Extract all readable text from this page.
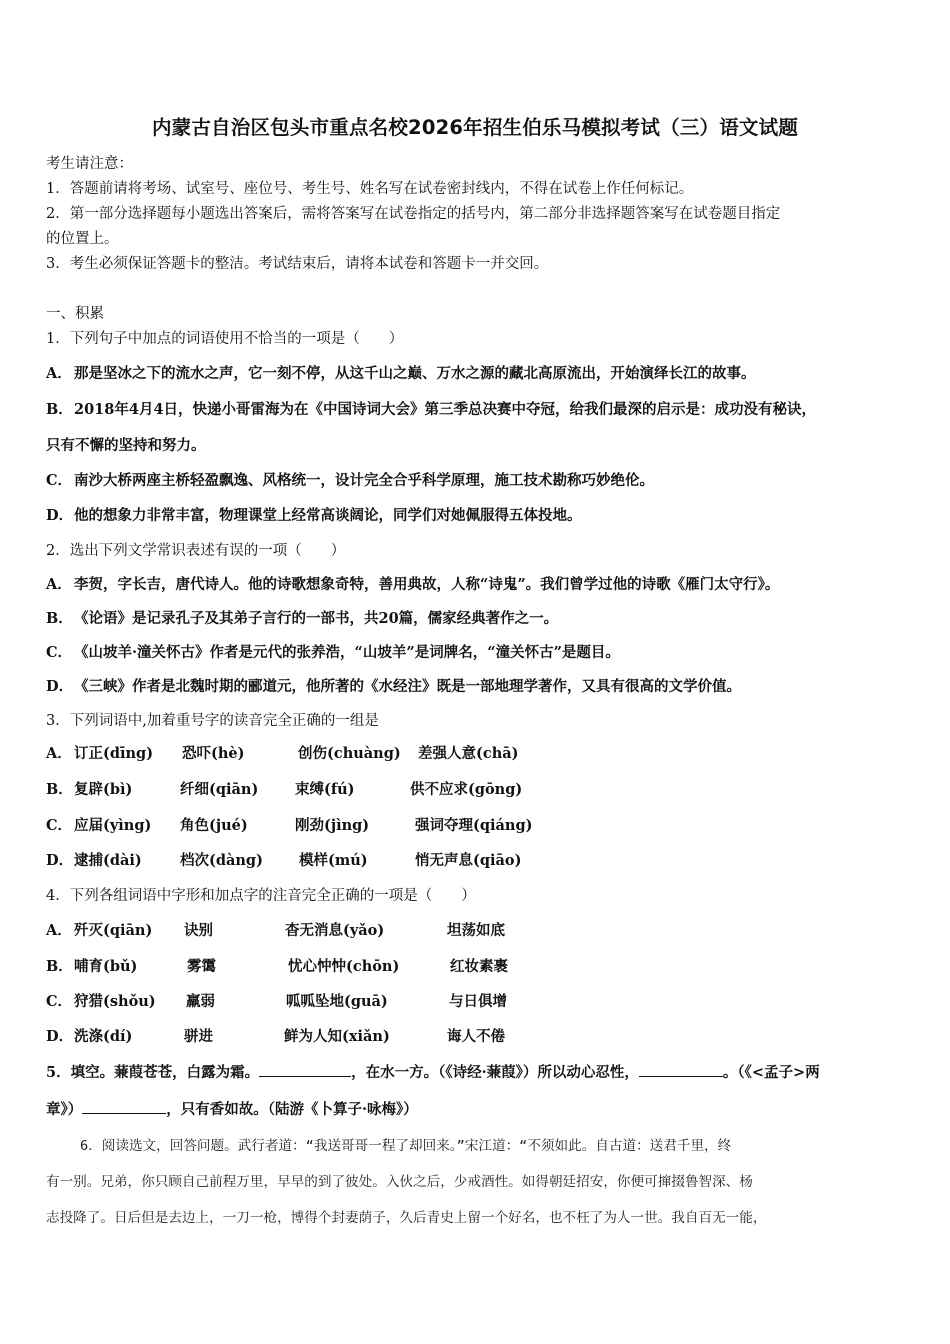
内蒙古自治区包头市重点名校2026年招生伯乐马模拟考试（三）语文试题
考生请注意：
1．答题前请将考场、试室号、座位号、考生号、姓名写在试卷密封线内，不得在试卷上作任何标记。
2．第一部分选择题每小题选出答案后，需将答案写在试卷指定的括号内，第二部分非选择题答案写在试卷题目指定
的位置上。
3．考生必须保证答题卡的整洁。考试结束后，请将本试卷和答题卡一并交回。
一、积累
1．下列句子中加点的词语使用不恰当的一项是（　　）
A． 那是坚冰之下的流水之声，它一刻不停，从这千山之巅、万水之源的藏北高原流出，开始演绎长江的故事。
B．2018年4月4日，快递小哥雷海为在《中国诗词大会》第三季总决赛中夺冠，给我们最深的启示是：成功没有秘诀，
只有不懈的坚持和努力。
C． 南沙大桥两座主桥轻盈飘逸、风格统一，设计完全合乎科学原理，施工技术勘称巧妙绝伦。
D．他的想象力非常丰富，物理课堂上经常高谈阔论，同学们对她佩服得五体投地。
2．选出下列文学常识表述有误的一项（　　）
A． 李贺，字长吉，唐代诗人。他的诗歌想象奇特，善用典故，人称“诗鬼”。我们曾学过他的诗歌《雁门太守行》。
B．《论语》是记录孔子及其弟子言行的一部书，共20篇，儒家经典著作之一。
C． 《山坡羊·潼关怀古》作者是元代的张养浩，“山坡羊”是词牌名，“潼关怀古”是题目。
D．《三峡》作者是北魏时期的郦道元，他所著的《水经注》既是一部地理学著作，又具有很高的文学价值。
3．下列词语中,加着重号字的读音完全正确的一组是
A． 订正(dīng) 恐吓(hè)	创伤(chuàng) 差强人意(chā)
B． 复辟(bì)	纤细(qiān)	束缚(fú)	供不应求(gōng)
C． 应届(yìng) 角色(jué)	刚劲(jìng)	强词夺理(qiáng)
D． 逮捕(dài)	档次(dàng) 模样(mú)	悄无声息(qiāo)
4．下列各组词语中字形和加点字的注音完全正确的一项是（　　）
A． 歼灭(qiān) 诀别	杳无消息(yǎo)	坦荡如底
B． 哺育(bǔ)	雾霭	忧心忡忡(chōn)	红妆素裹
C． 狩猎(shǒu) 羸弱	呱呱坠地(guā)	与日俱增
D． 洗涤(dí)	骈进	鲜为人知(xiǎn)	诲人不倦
5．填空。蒹葭苍苍，白露为霜。	，在水一方。（《诗经·蒹葭》）所以动心忍性，	。（《<孟子>两
章》）	，只有香如故。（陆游《卜算子·咏梅》）
6．阅读选文，回答问题。武行者道：“我送哥哥一程了却回来。”宋江道：“不须如此。自古道：送君千里，终
有一别。兄弟，你只顾自己前程万里，早早的到了彼处。入伙之后，少戒酒性。如得朝廷招安，你便可撺掇鲁智深、杨
志投降了。日后但是去边上，一刀一枪，博得个封妻荫子，久后青史上留一个好名，也不枉了为人一世。我自百无一能，
